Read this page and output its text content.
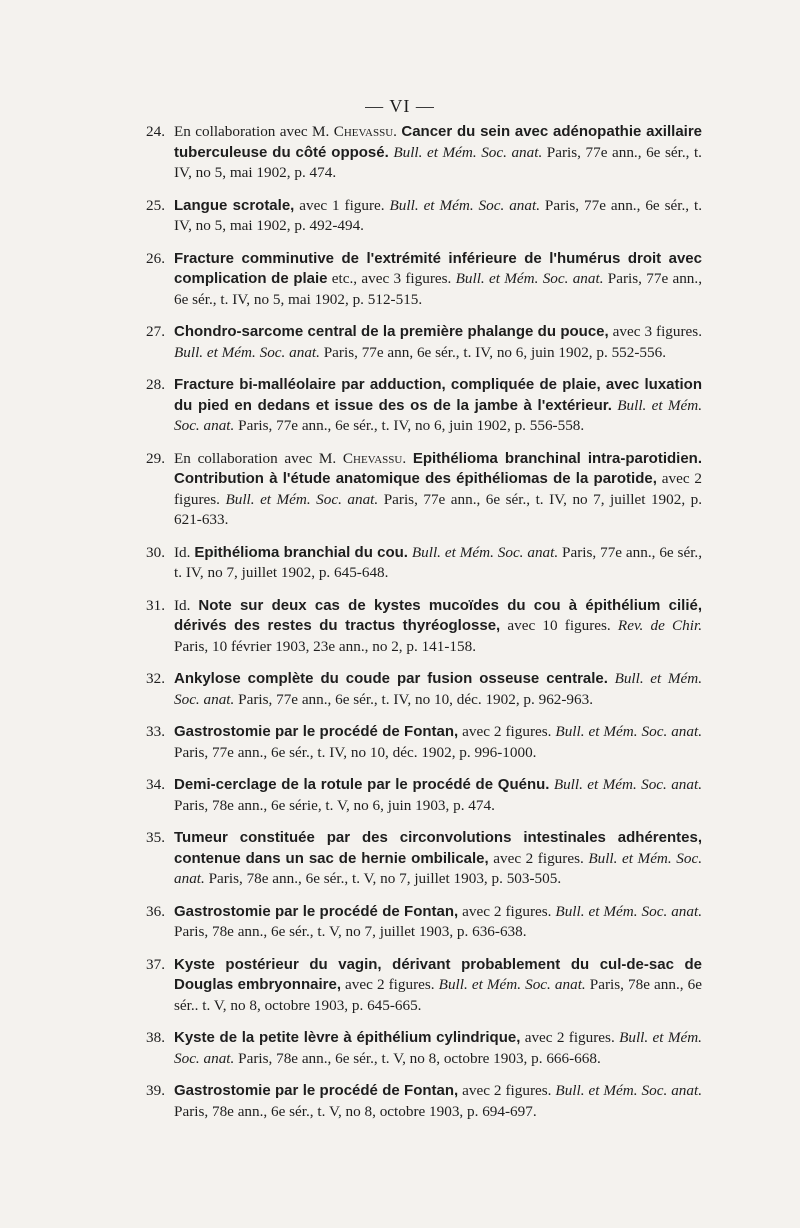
— VI —
24. En collaboration avec M. Chevassu. Cancer du sein avec adénopathie axillaire tuberculeuse du côté opposé. Bull. et Mém. Soc. anat. Paris, 77e ann., 6e sér., t. IV, no 5, mai 1902, p. 474.
25. Langue scrotale, avec 1 figure. Bull. et Mém. Soc. anat. Paris, 77e ann., 6e sér., t. IV, no 5, mai 1902, p. 492-494.
26. Fracture comminutive de l'extrémité inférieure de l'humérus droit avec complication de plaie etc., avec 3 figures. Bull. et Mém. Soc. anat. Paris, 77e ann., 6e sér., t. IV, no 5, mai 1902, p. 512-515.
27. Chondro-sarcome central de la première phalange du pouce, avec 3 figures. Bull. et Mém. Soc. anat. Paris, 77e ann, 6e sér., t. IV, no 6, juin 1902, p. 552-556.
28. Fracture bi-malléolaire par adduction, compliquée de plaie, avec luxation du pied en dedans et issue des os de la jambe à l'extérieur. Bull. et Mém. Soc. anat. Paris, 77e ann., 6e sér., t. IV, no 6, juin 1902, p. 556-558.
29. En collaboration avec M. Chevassu. Epithélioma branchinal intra-parotidien. Contribution à l'étude anatomique des épithéliomas de la parotide, avec 2 figures. Bull. et Mém. Soc. anat. Paris, 77e ann., 6e sér., t. IV, no 7, juillet 1902, p. 621-633.
30. Id. Epithélioma branchial du cou. Bull. et Mém. Soc. anat. Paris, 77e ann., 6e sér., t. IV, no 7, juillet 1902, p. 645-648.
31. Id. Note sur deux cas de kystes mucoïdes du cou à épithélium cilié, dérivés des restes du tractus thyréoglosse, avec 10 figures. Rev. de Chir. Paris, 10 février 1903, 23e ann., no 2, p. 141-158.
32. Ankylose complète du coude par fusion osseuse centrale. Bull. et Mém. Soc. anat. Paris, 77e ann., 6e sér., t. IV, no 10, déc. 1902, p. 962-963.
33. Gastrostomie par le procédé de Fontan, avec 2 figures. Bull. et Mém. Soc. anat. Paris, 77e ann., 6e sér., t. IV, no 10, déc. 1902, p. 996-1000.
34. Demi-cerclage de la rotule par le procédé de Quénu. Bull. et Mém. Soc. anat. Paris, 78e ann., 6e série, t. V, no 6, juin 1903, p. 474.
35. Tumeur constituée par des circonvolutions intestinales adhérentes, contenue dans un sac de hernie ombilicale, avec 2 figures. Bull. et Mém. Soc. anat. Paris, 78e ann., 6e sér., t. V, no 7, juillet 1903, p. 503-505.
36. Gastrostomie par le procédé de Fontan, avec 2 figures. Bull. et Mém. Soc. anat. Paris, 78e ann., 6e sér., t. V, no 7, juillet 1903, p. 636-638.
37. Kyste postérieur du vagin, dérivant probablement du cul-de-sac de Douglas embryonnaire, avec 2 figures. Bull. et Mém. Soc. anat. Paris, 78e ann., 6e sér.. t. V, no 8, octobre 1903, p. 645-665.
38. Kyste de la petite lèvre à épithélium cylindrique, avec 2 figures. Bull. et Mém. Soc. anat. Paris, 78e ann., 6e sér., t. V, no 8, octobre 1903, p. 666-668.
39. Gastrostomie par le procédé de Fontan, avec 2 figures. Bull. et Mém. Soc. anat. Paris, 78e ann., 6e sér., t. V, no 8, octobre 1903, p. 694-697.
